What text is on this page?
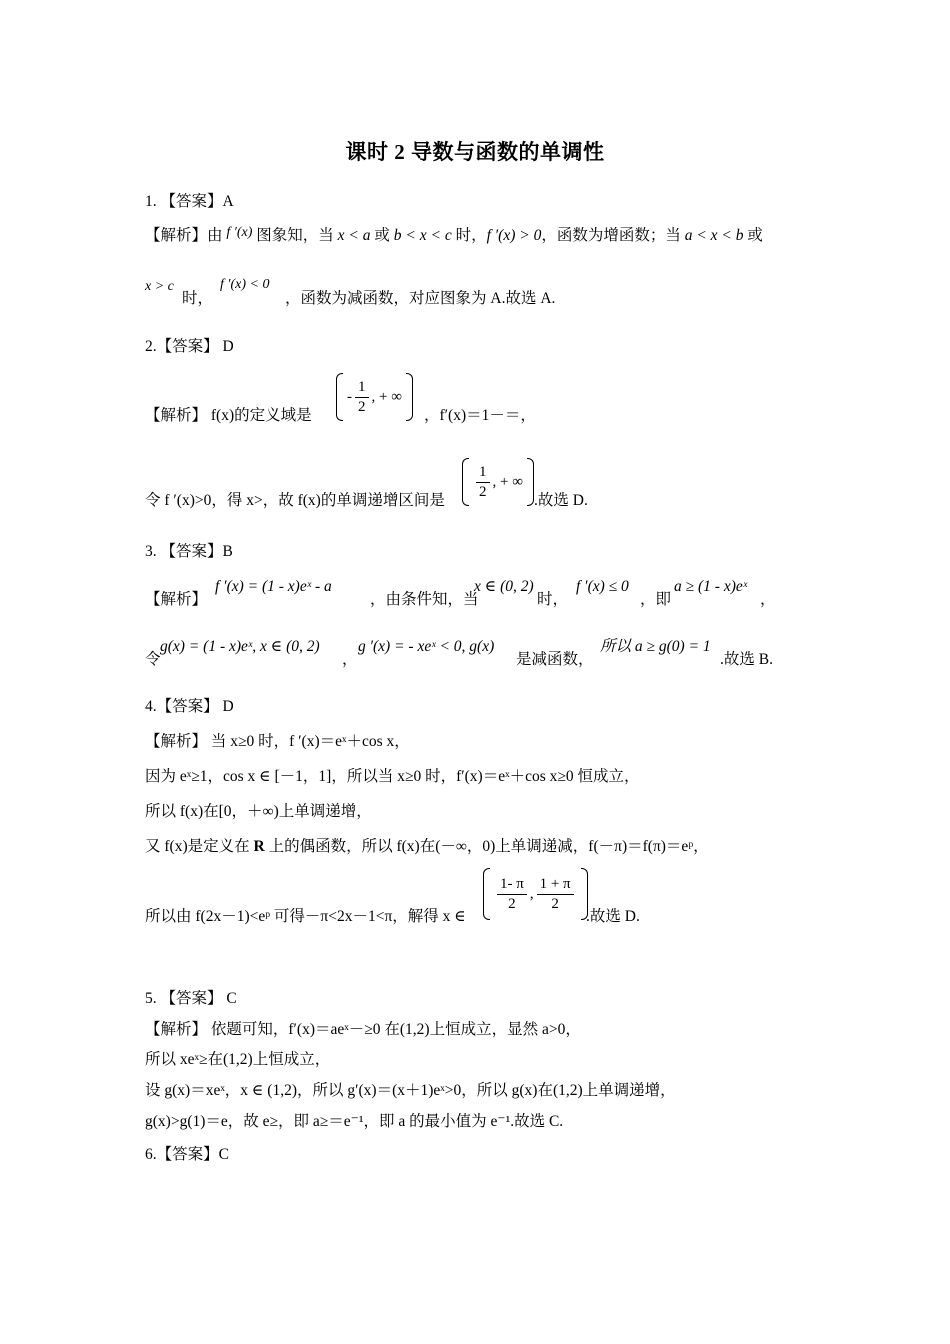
课时 2 导数与函数的单调性
1. 【答案】A
【解析】由 f ′(x) 图象知，当 x < a 或 b < x < c 时，f ′(x) > 0，函数为增函数；当 a < x < b 或
x > c
时，
f ′(x) < 0
，函数为减函数，对应图象为 A.故选 A.
2.【答案】 D
【解析】 f(x)的定义域是
- $\frac{1}{2}$ , + ∞
，f′(x)＝1－＝，
令 f ′(x)>0，得 x>，故 f(x)的单调递增区间是
$\frac{1}{2}$ , + ∞
.故选 D.
3. 【答案】B
【解析】
f ′(x) = (1 - x)eˣ - a
，由条件知，当
x ∈ (0, 2)
时，
f ′(x) ≤ 0
，即
a ≥ (1 - x)eˣ
，
令
g(x) = (1 - x)eˣ, x ∈ (0, 2)
，
g ′(x) = - xeˣ < 0, g(x)
是减函数，
所以 a ≥ g(0) = 1
.故选 B.
4.【答案】 D
【解析】 当 x≥0 时，f ′(x)＝eˣ＋cos x，
因为 eˣ≥1，cos x ∈ [－1，1]，所以当 x≥0 时，f′(x)＝eˣ＋cos x≥0 恒成立，
所以 f(x)在[0，＋∞)上单调递增，
又 f(x)是定义在 R 上的偶函数，所以 f(x)在(－∞，0)上单调递减，f(－π)＝f(π)＝eᵖ，
所以由 f(2x－1)<eᵖ 可得－π<2x－1<π，解得 x ∈
$\frac{1- \pi}{2}$ , $\frac{1 + \pi}{2}$
.故选 D.
5. 【答案】 C
【解析】 依题可知，f′(x)＝aeˣ－≥0 在(1,2)上恒成立，显然 a>0，
所以 xeˣ≥在(1,2)上恒成立，
设 g(x)＝xeˣ，x ∈ (1,2)，所以 g′(x)＝(x＋1)eˣ>0，所以 g(x)在(1,2)上单调递增，
g(x)>g(1)＝e，故 e≥，即 a≥＝e⁻¹，即 a 的最小值为 e⁻¹.故选 C.
6.【答案】C
